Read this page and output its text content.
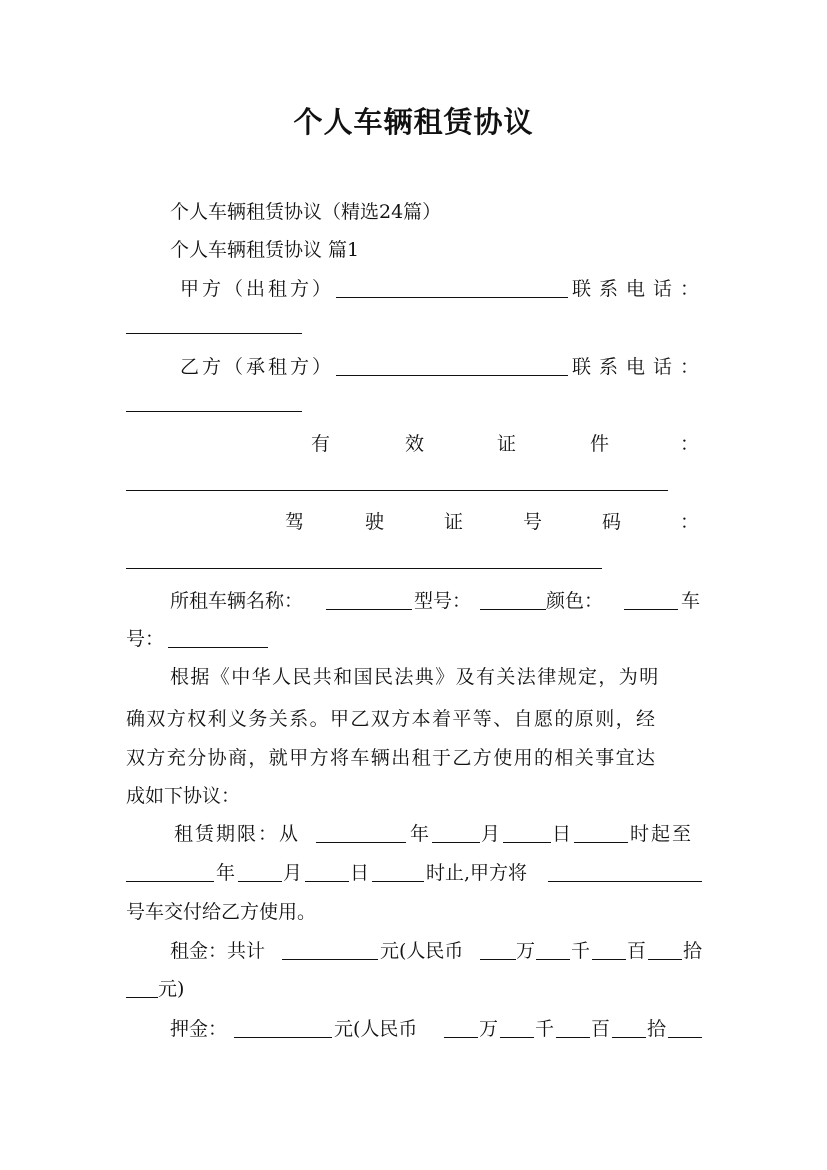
个人车辆租赁协议
个人车辆租赁协议（精选24篇）
个人车辆租赁协议 篇1
甲方（出租方）	联系电话：
乙方（承租方）	联系电话：
有	效	证	件	：
驾	驶	证	号	码	：
所租车辆名称：	型号：	颜色：	车
号：
根据《中华人民共和国民法典》及有关法律规定，为明
确双方权利义务关系。甲乙双方本着平等、自愿的原则，经
双方充分协商，就甲方将车辆出租于乙方使用的相关事宜达
成如下协议：
租赁期限：从	年	月	日	时起至
年	月	日	时止,甲方将
号车交付给乙方使用。
租金：共计	元(人民币	万 千 百 拾
元)
押金：	元(人民币	万 千 百 拾
